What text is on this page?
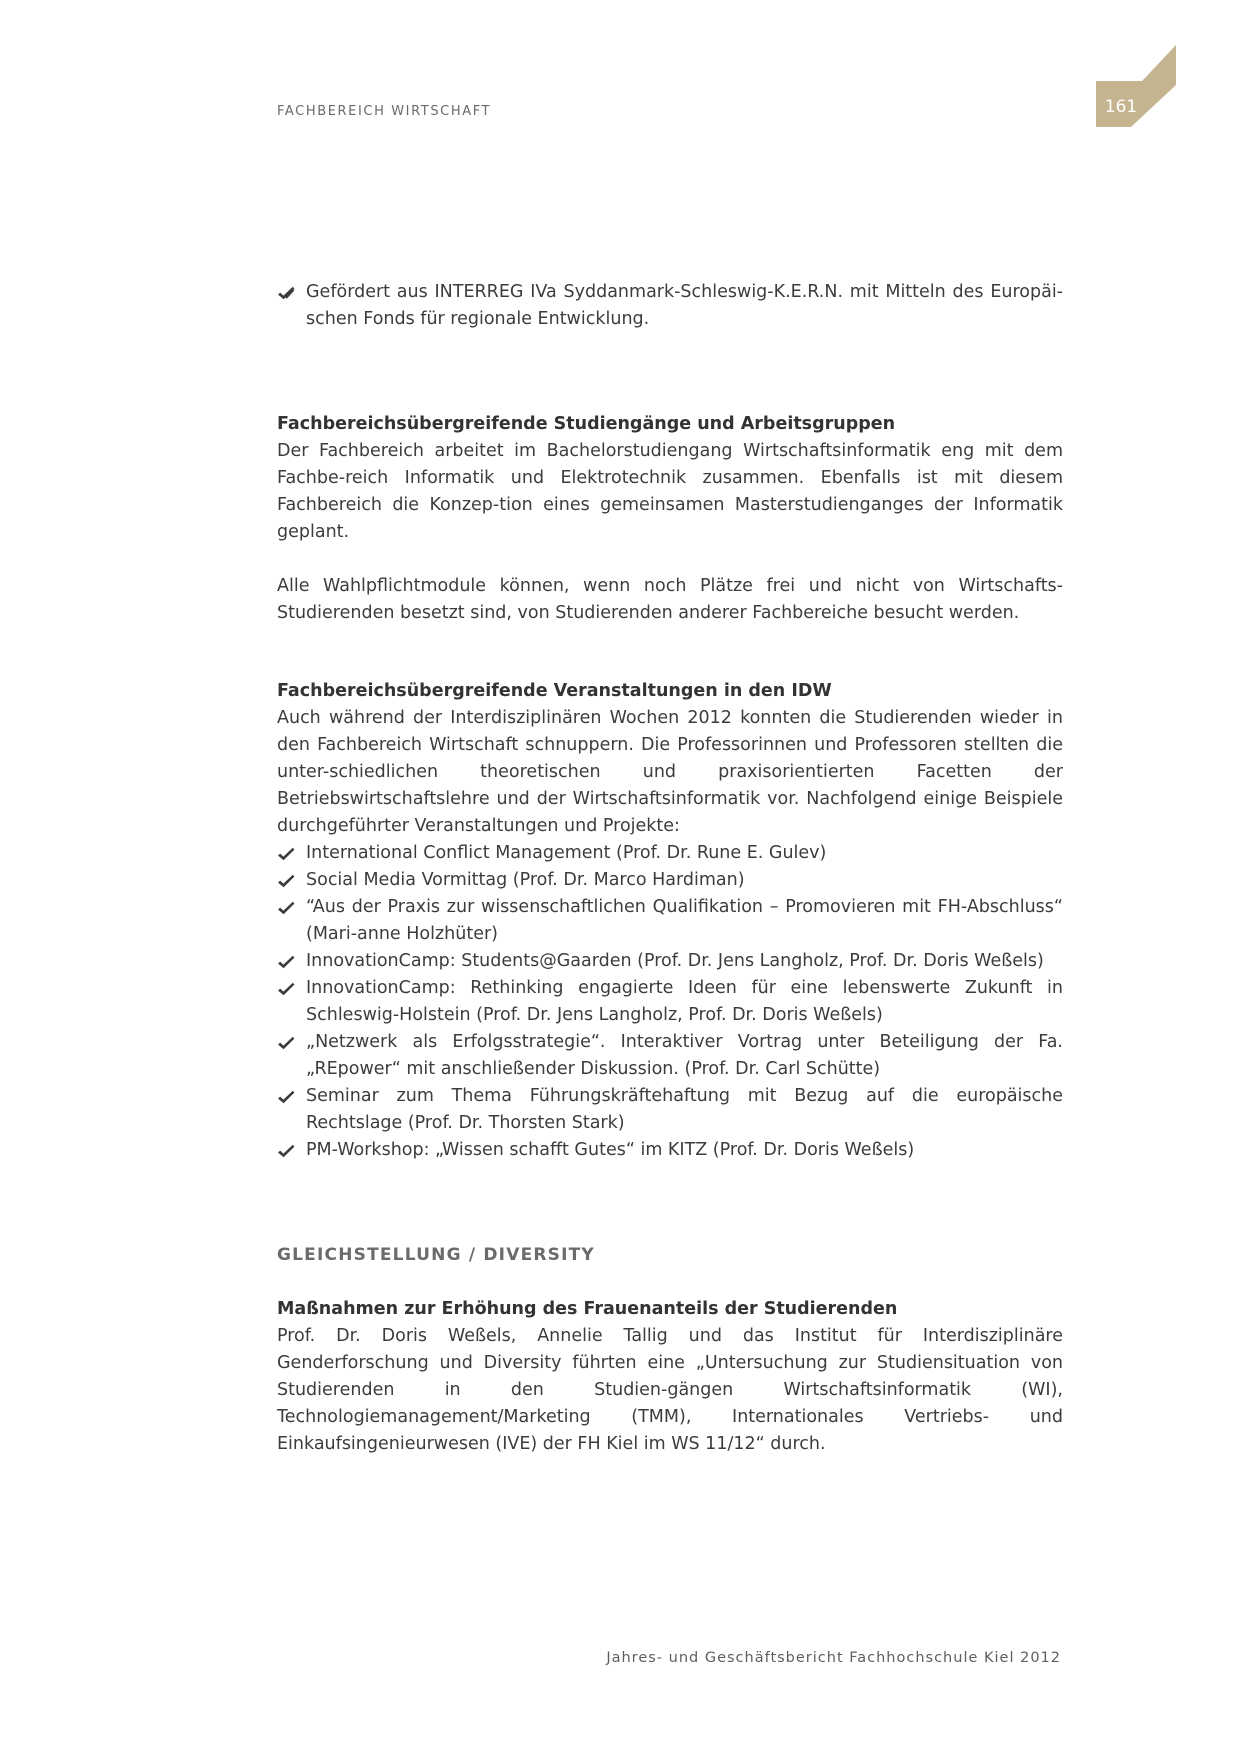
FACHBEREICH WIRTSCHAFT	161
Gefördert aus INTERREG IVa Syddanmark-Schleswig-K.E.R.N. mit Mitteln des Europäi-schen Fonds für regionale Entwicklung.

Fachbereichsübergreifende Studiengänge und Arbeitsgruppen

Der Fachbereich arbeitet im Bachelorstudiengang Wirtschaftsinformatik eng mit dem Fachbe-reich Informatik und Elektrotechnik zusammen. Ebenfalls ist mit diesem Fachbereich die Konzep-tion eines gemeinsamen Masterstudienganges der Informatik geplant.

Alle Wahlpflichtmodule können, wenn noch Plätze frei und nicht von Wirtschafts-Studierenden besetzt sind, von Studierenden anderer Fachbereiche besucht werden.

Fachbereichsübergreifende Veranstaltungen in den IDW

Auch während der Interdisziplinären Wochen 2012 konnten die Studierenden wieder in den Fachbereich Wirtschaft schnuppern. Die Professorinnen und Professoren stellten die unter-schiedlichen theoretischen und praxisorientierten Facetten der Betriebswirtschaftslehre und der Wirtschaftsinformatik vor. Nachfolgend einige Beispiele durchgeführter Veranstaltungen und Projekte:

International Conflict Management (Prof. Dr. Rune E. Gulev)
Social Media Vormittag (Prof. Dr. Marco Hardiman)
“Aus der Praxis zur wissenschaftlichen Qualifikation – Promovieren mit FH-Abschluss“ (Mari-anne Holzhüter)
InnovationCamp: Students@Gaarden (Prof. Dr. Jens Langholz, Prof. Dr. Doris Weßels)
InnovationCamp: Rethinking engagierte Ideen für eine lebenswerte Zukunft in Schleswig-Holstein (Prof. Dr. Jens Langholz, Prof. Dr. Doris Weßels)
„Netzwerk als Erfolgsstrategie“. Interaktiver Vortrag unter Beteiligung der Fa. „REpower“ mit anschließender Diskussion. (Prof. Dr. Carl Schütte)
Seminar zum Thema Führungskräftehaftung mit Bezug auf die europäische Rechtslage (Prof. Dr. Thorsten Stark)
PM-Workshop: „Wissen schafft Gutes“ im KITZ (Prof. Dr. Doris Weßels)

GLEICHSTELLUNG / DIVERSITY

Maßnahmen zur Erhöhung des Frauenanteils der Studierenden

Prof. Dr. Doris Weßels, Annelie Tallig und das Institut für Interdisziplinäre Genderforschung und Diversity führten eine „Untersuchung zur Studiensituation von Studierenden in den Studien-gängen Wirtschaftsinformatik (WI), Technologiemanagement/Marketing (TMM), Internationales Vertriebs- und Einkaufsingenieurwesen (IVE) der FH Kiel im WS 11/12“ durch.

Jahres- und Geschäftsbericht Fachhochschule Kiel 2012
